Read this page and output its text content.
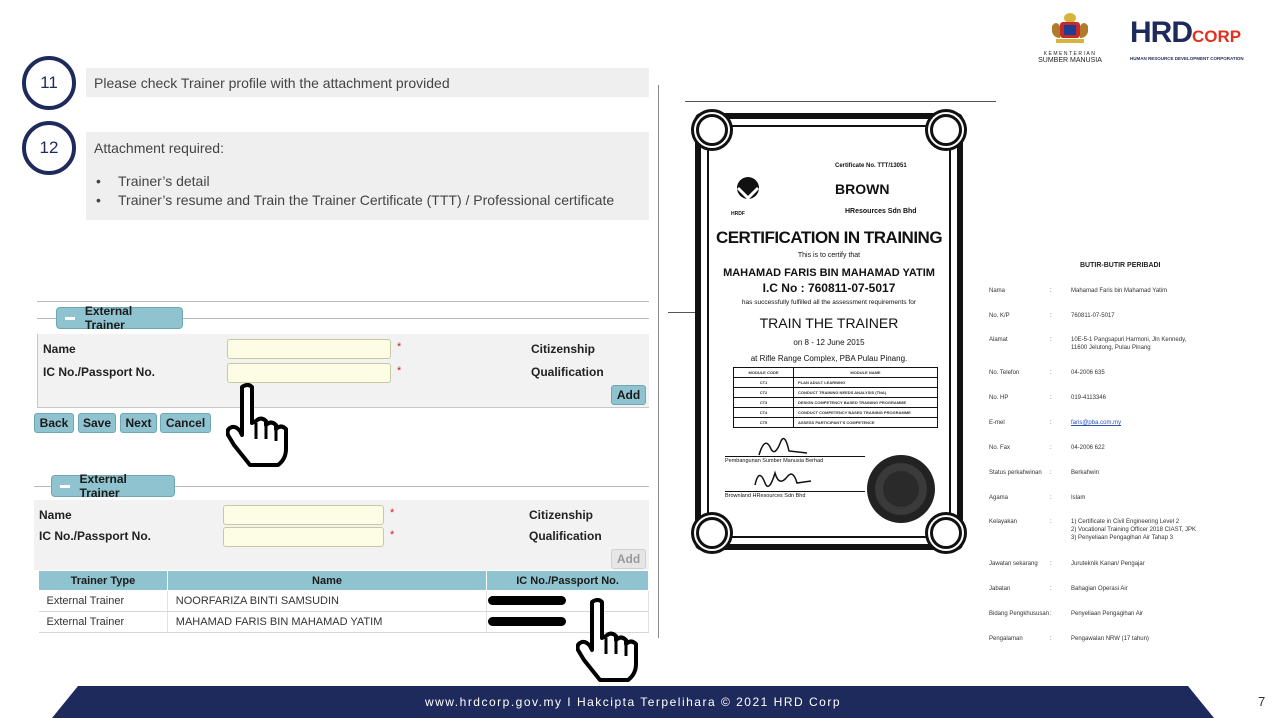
KEMENTERIAN
SUMBER MANUSIA
HRDCORP
HUMAN RESOURCE DEVELOPMENT CORPORATION
11	Please check Trainer profile with the attachment provided
12	Attachment required:
• Trainer’s detail
• Trainer’s resume and Train the Trainer Certificate (TTT) / Professional certificate
External Trainer
Name	*
IC No./Passport No.	*
Citizenship
Qualification
Add
Back	Save	Next	Cancel
External Trainer
Name	*
IC No./Passport No.	*
Citizenship
Qualification
Add
Trainer Type	Name	IC No./Passport No.
External Trainer	NOORFARIZA BINTI SAMSUDIN	
External Trainer	MAHAMAD FARIS BIN MAHAMAD YATIM	
Certificate No. TTT/13051
HRDF
BROWN
HResources Sdn Bhd
CERTIFICATION IN TRAINING
This is to certify that
MAHAMAD FARIS BIN MAHAMAD YATIM
I.C No : 760811-07-5017
has successfully fulfilled all the assessment requirements for
TRAIN THE TRAINER
on 8 - 12 June 2015
at Rifle Range Complex, PBA Pulau Pinang.
MODULE CODE	MODULE NAME
CT1	PLAN ADULT LEARNING
CT2	CONDUCT TRAINING NEEDS ANALYSIS (TNA)
CT3	DESIGN COMPETENCY BASED TRAINING PROGRAMME
CT4	CONDUCT COMPETENCY BASED TRAINING PROGRAMME
CT5	ASSESS PARTICIPANT'S COMPETENCE
Pembangunan Sumber Manusia Berhad
Brownland HResources Sdn Bhd
BUTIR-BUTIR PERIBADI
Nama	:	Mahamad Faris bin Mahamad Yatim
No. K/P	:	760811-07-5017
Alamat	:	10E-5-1 Pangsapuri Harmoni, Jln Kennedy,
11600 Jelutong, Pulau Pinang
No. Telefon	:	04-2006 635
No. HP	:	019-4113346
E-mel	:	faris@pba.com.my
No. Fax	:	04-2006 622
Status perkahwinan :	Berkahwin
Agama	:	Islam
Kelayakan	:	1) Certificate in Civil Engineering Level 2
2) Vocational Training Officer 2018 CIAST, JPK
3) Penyeliaan Pengagihan Air Tahap 3
Jawatan sekarang :	Juruteknik Kanan/ Pengajar
Jabatan	:	Bahagian Operasi Air
Bidang Pengkhususan :	Penyeliaan Pengagihan Air
Pengalaman	:	Pengawalan NRW (17 tahun)
www.hrdcorp.gov.my I Hakcipta Terpelihara © 2021 HRD Corp	7
